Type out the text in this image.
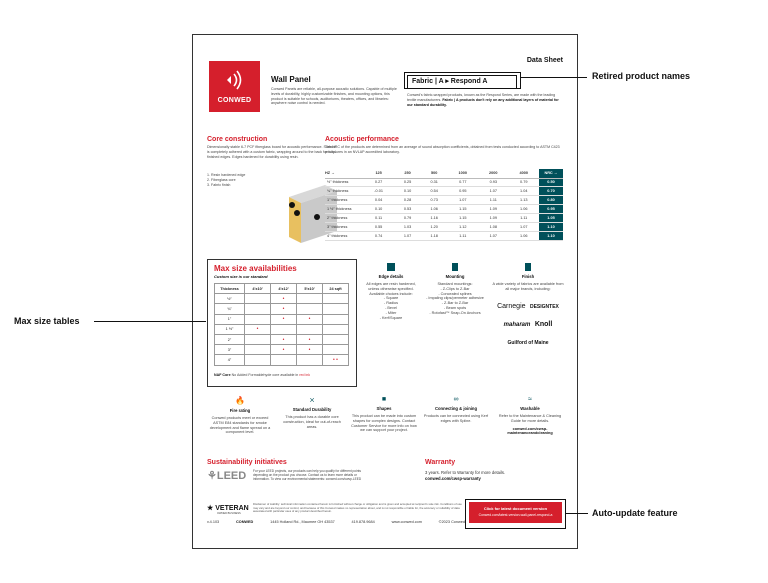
Data Sheet
CONWED
Wall Panel
Conwed Panels are reliable, all-purpose acoustic solutions. Capable of multiple levels of durability, highly customizable finishes, and mounting options, this product is suitable for schools, auditoriums, theaters, offices, and libraries: anywhere noise control is needed.
Fabric | A ▸ Respond A
Conwed's fabric-wrapped products, known as the Respond Series, are made with the leading textile manufacturers. Fabric | A products don't rely on any additional layers of material for our standard durability.
Core construction
Dimensionally stable 6-7 PCF fiberglass board for acoustic performance. Surface is completely adhered with a custom fabric, wrapping around to the back for fully-finished edges. Edges hardened for durability using resin.
1. Resin hardened edge
2. Fiberglass core
3. Fabric finish
Acoustic performance
The NRC of the products are determined from an average of sound absorption coefficients, obtained from tests conducted according to ASTM C423 procedures in an NVLAP accredited laboratory.
HZ →	125	250	500	1000	2000	4000	NRC →
½" thickness	0.27	0.25	0.31	0.77	0.93	0.79	0.50
¾" thickness	-0.01	0.10	0.54	0.95	1.07	1.04	0.70
1" thickness	0.04	0.28	0.73	1.07	1.11	1.13	0.80
1 ½" thickness	0.10	0.53	1.06	1.15	1.09	1.06	0.95
2" thickness	0.11	0.79	1.16	1.15	1.09	1.11	1.05
3" thickness	0.55	1.03	1.20	1.12	1.08	1.07	1.10
4" thickness	0.74	1.07	1.18	1.11	1.07	1.06	1.10
Max size availabilities
Custom size is our standard
Thickness	4'x10'	4'x12'	5'x10'	24 sqft
½"		•		
¾"		•		
1"		•	•	
1 ½"	•			
2"		•	•	
3"		•	•	
4"				• •
NAF Core No Added Formaldehyde core available in red ink
Edge details
All edges are resin hardened, unless otherwise specified.
Available choices include:
- Square
- Radius
- Bevel
- Miter
- Kerf/Square
Mounting
Standard mountings:
- Z-Clips to Z-Bar
- Concealed splines
- Impaling clips/permeter adhesive
- Z-Bar to Z-Bar
- Beam spots
- Rotofast™ Snap-On Anchors
Finish
A wide variety of fabrics are available from all major brands, including:
Carnegie DESIGNTEX
maharam Knoll
Guilford of Maine
🔥
Fire rating
Conwed products meet or exceed ASTM E84 standards for smoke development and flame spread on a component level.
⨯
Standard Durability
This product has a durable core construction, ideal for out-of-reach areas.
■
Shapes
This product can be made into custom shapes for complex designs. Contact Customer Service for more info on how we can support your project.
∞
Connecting & joining
Products can be connected using Kerf edges with Spline.
≈
Washable
Refer to the Maintenance & Cleaning Guide for more details.
conwed.com/cwsp-maintenanceandcleaning
Sustainability initiatives
⚘LEED For your LEED projects, our products can help you qualify for different points depending on the product you choose. Contact us to learn more details or information. To view our environmental statements: conwed.com/cwsp-LEED
Warranty
3 years. Refer to Warranty for more details.
conwed.com/cwsp-warranty
★ VETERAN
OWNED BUSINESS
Disclaimer of Liability: technical information contained herein is furnished without charge or obligation and is given and accepted at recipient's sole risk. Conditions of use may vary and are beyond our control, and because of this Conwed makes no representation about, and is not responsible or liable for, the accuracy or reliability of data associated with particular uses of any product described herein.
v.4.103	CONWED	1445 Holland Rd., Maumee OH 43537	419.878.9684	www.conwed.com	©2023 Conwed
Click for latest document version
Conwed.com/latest-version-wall-panel-respond-a
Retired product names
Max size tables
Auto-update feature
